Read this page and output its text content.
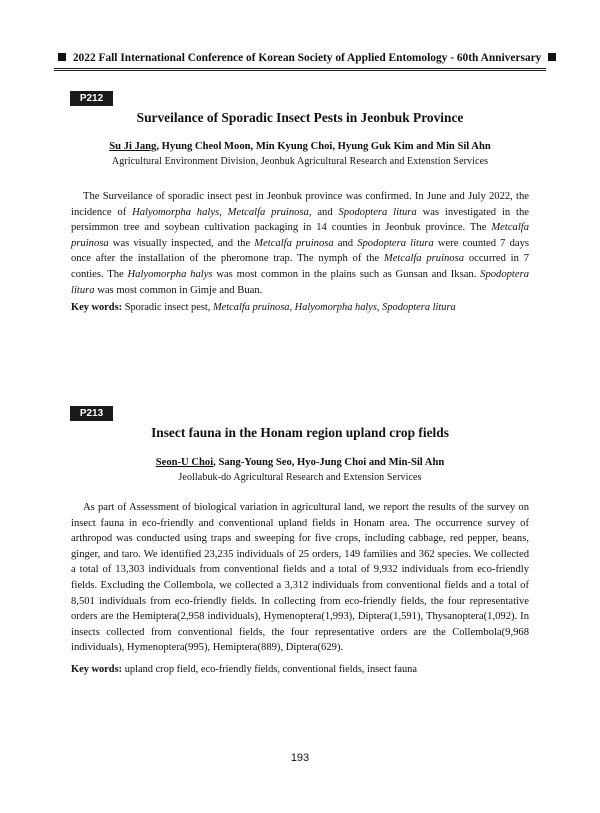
2022 Fall International Conference of Korean Society of Applied Entomology - 60th Anniversary
P212
Surveilance of Sporadic Insect Pests in Jeonbuk Province
Su Ji Jang, Hyung Cheol Moon, Min Kyung Choi, Hyung Guk Kim and Min Sil Ahn
Agricultural Environment Division, Jeonbuk Agricultural Research and Extenstion Services

The Surveilance of sporadic insect pest in Jeonbuk province was confirmed. In June and July 2022, the incidence of Halyomorpha halys, Metcalfa pruinosa, and Spodoptera litura was investigated in the persimmon tree and soybean cultivation packaging in 14 counties in Jeonbuk province. The Metcalfa pruinosa was visually inspected, and the Metcalfa pruinosa and Spodoptera litura were counted 7 days once after the installation of the pheromone trap. The nymph of the Metcalfa pruinosa occurred in 7 conties. The Halyomorpha halys was most common in the plains such as Gunsan and Iksan. Spodoptera litura was most common in Gimje and Buan.

Key words: Sporadic insect pest, Metcalfa pruinosa, Halyomorpha halys, Spodoptera litura
P213
Insect fauna in the Honam region upland crop fields
Seon-U Choi, Sang-Young Seo, Hyo-Jung Choi and Min-Sil Ahn
Jeollabuk-do Agricultural Research and Extension Services

As part of Assessment of biological variation in agricultural land, we report the results of the survey on insect fauna in eco-friendly and conventional upland fields in Honam area. The occurrence survey of arthropod was conducted using traps and sweeping for five crops, including cabbage, red pepper, beans, ginger, and taro. We identified 23,235 individuals of 25 orders, 149 families and 362 species. We collected a total of 13,303 individuals from conventional fields and a total of 9,932 individuals from eco-friendly fields. Excluding the Collembola, we collected a 3,312 individuals from conventional fields and a total of 8,501 individuals from eco-friendly fields. In collecting from eco-friendly fields, the four representative orders are the Hemiptera(2,958 individuals), Hymenoptera(1,993), Diptera(1,591), Thysanoptera(1,092). In insects collected from conventional fields, the four representative orders are the Collembola(9,968 individuals), Hymenoptera(995), Hemiptera(889), Diptera(629).

Key words: upland crop field, eco-friendly fields, conventional fields, insect fauna
193
